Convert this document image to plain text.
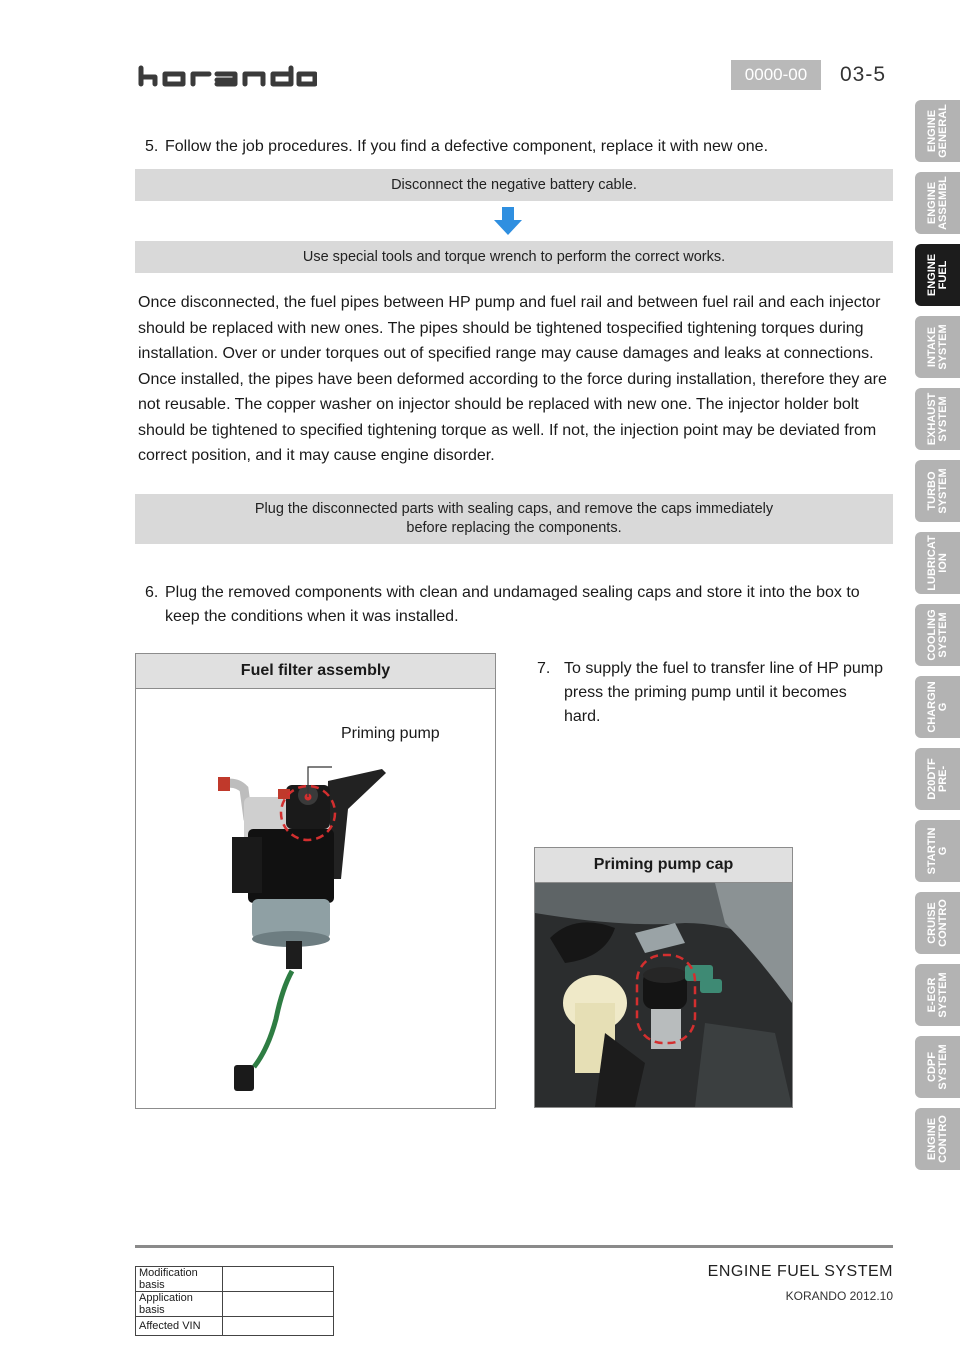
0000-00	03-5
ENGINE
GENERAL
ENGINE
ASSEMBL
ENGINE
FUEL
INTAKE
SYSTEM
EXHAUST
SYSTEM
TURBO
SYSTEM
LUBRICAT
ION
COOLING
SYSTEM
CHARGIN
G
D20DTF
PRE-
STARTIN
G
CRUISE
CONTRO
E-EGR
SYSTEM
CDPF
SYSTEM
ENGINE
CONTRO
5. Follow the job procedures. If you find a defective component, replace it with new one.
Disconnect the negative battery cable.
Use special tools and torque wrench to perform the correct works.
Once disconnected, the fuel pipes between HP pump and fuel rail and between fuel rail and each injector should be replaced with new ones. The pipes should be tightened tospecified tightening torques during installation. Over or under torques out of specified range may cause damages and leaks at connections. Once installed, the pipes have been deformed according to the force during installation, therefore they are not reusable. The copper washer on injector should be replaced with new one. The injector holder bolt should be tightened to specified tightening torque as well. If not, the injection point may be deviated from correct position, and it may cause engine disorder.
Plug the disconnected parts with sealing caps, and remove the caps immediately
before replacing the components.
6. Plug the removed components with clean and undamaged sealing caps and store it into the box to
keep the conditions when it was installed.
Fuel filter assembly
Priming pump
7. To supply the fuel to transfer line of HP pump
press the priming pump until it becomes
hard.
Priming pump cap
Modification basis	
Application basis	
Affected VIN	
ENGINE FUEL SYSTEM
KORANDO 2012.10
